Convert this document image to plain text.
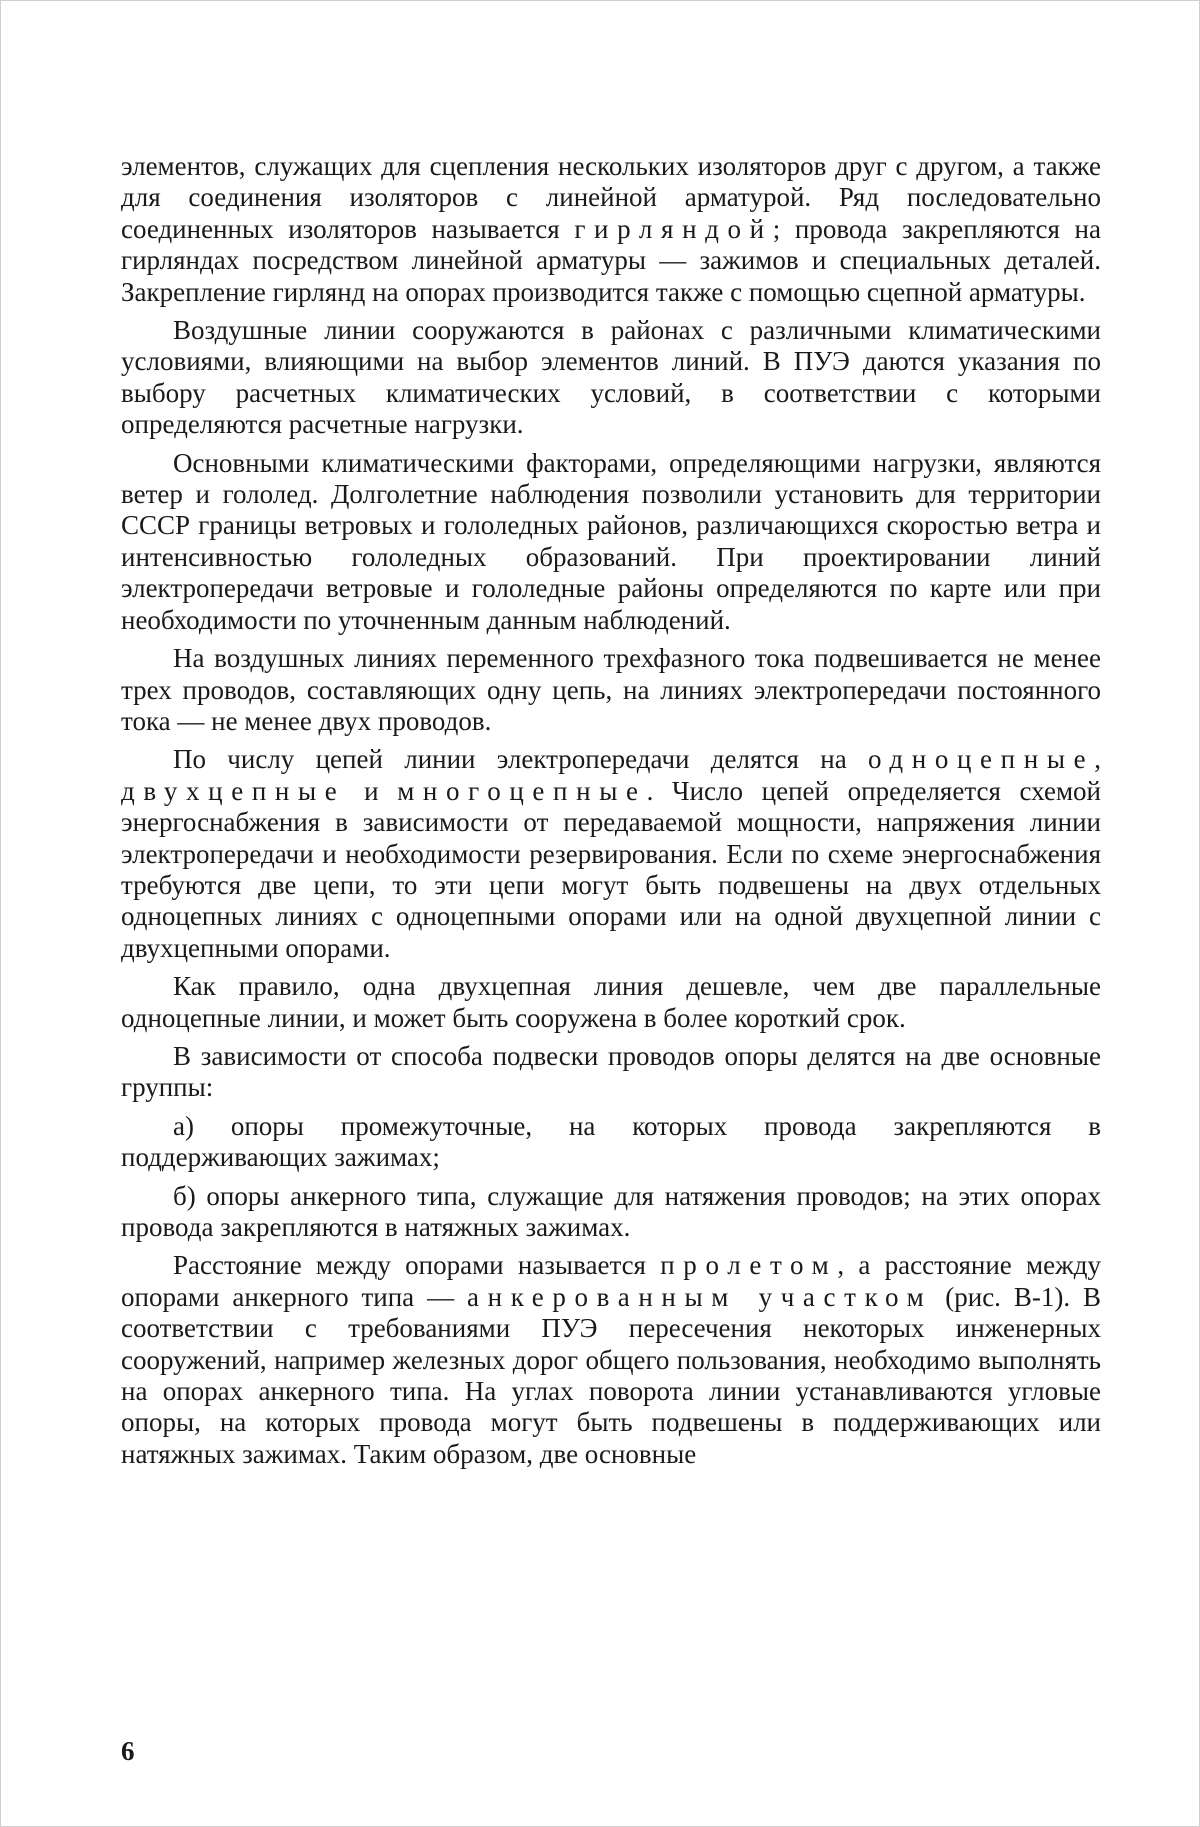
элементов, служащих для сцепления нескольких изоляторов друг с другом, а также для соединения изоляторов с линейной арматурой. Ряд последовательно соединенных изоляторов называется гирляндой; провода закрепляются на гирляндах посредством линейной арматуры — зажимов и специальных деталей. Закрепление гирлянд на опорах производится также с помощью сцепной арматуры.

Воздушные линии сооружаются в районах с различными климатическими условиями, влияющими на выбор элементов линий. В ПУЭ даются указания по выбору расчетных климатических условий, в соответствии с которыми определяются расчетные нагрузки.

Основными климатическими факторами, определяющими нагрузки, являются ветер и гололед. Долголетние наблюдения позволили установить для территории СССР границы ветровых и гололедных районов, различающихся скоростью ветра и интенсивностью гололедных образований. При проектировании линий электропередачи ветровые и гололедные районы определяются по карте или при необходимости по уточненным данным наблюдений.

На воздушных линиях переменного трехфазного тока подвешивается не менее трех проводов, составляющих одну цепь, на линиях электропередачи постоянного тока — не менее двух проводов.

По числу цепей линии электропередачи делятся на одноцепные, двухцепные и многоцепные. Число цепей определяется схемой энергоснабжения в зависимости от передаваемой мощности, напряжения линии электропередачи и необходимости резервирования. Если по схеме энергоснабжения требуются две цепи, то эти цепи могут быть подвешены на двух отдельных одноцепных линиях с одноцепными опорами или на одной двухцепной линии с двухцепными опорами.

Как правило, одна двухцепная линия дешевле, чем две параллельные одноцепные линии, и может быть сооружена в более короткий срок.

В зависимости от способа подвески проводов опоры делятся на две основные группы:

а) опоры промежуточные, на которых провода закрепляются в поддерживающих зажимах;

б) опоры анкерного типа, служащие для натяжения проводов; на этих опорах провода закрепляются в натяжных зажимах.

Расстояние между опорами называется пролетом, а расстояние между опорами анкерного типа — анкерованным участком (рис. В-1). В соответствии с требованиями ПУЭ пересечения некоторых инженерных сооружений, например железных дорог общего пользования, необходимо выполнять на опорах анкерного типа. На углах поворота линии устанавливаются угловые опоры, на которых провода могут быть подвешены в поддерживающих или натяжных зажимах. Таким образом, две основные

6
